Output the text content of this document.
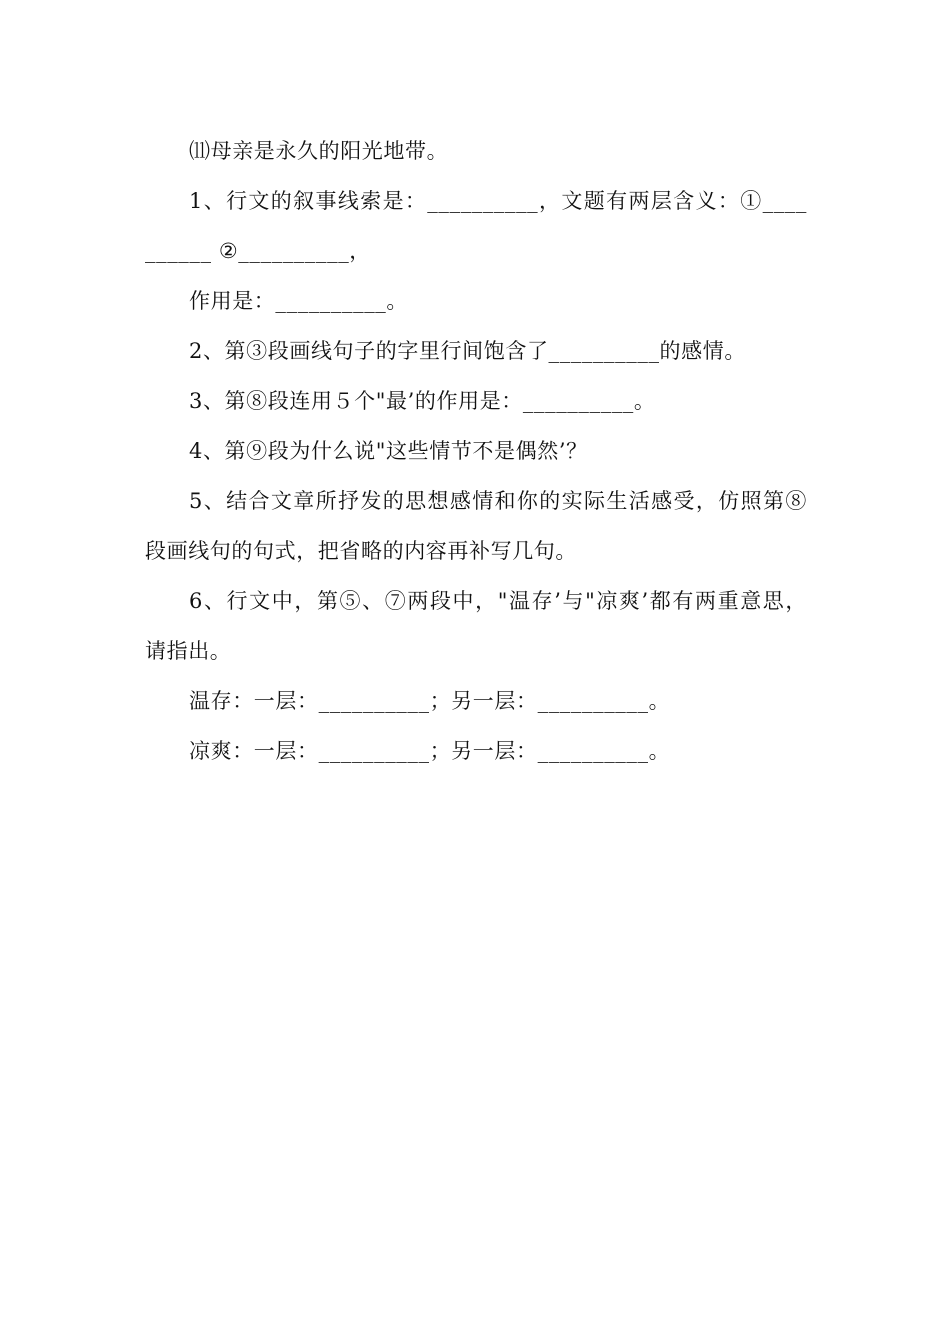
⑾母亲是永久的阳光地带。

1、行文的叙事线索是：__________，文题有两层含义：①____

______ ②__________，

作用是：__________。

2、第③段画线句子的字里行间饱含了__________的感情。

3、第⑧段连用５个"最’的作用是：__________。

4、第⑨段为什么说"这些情节不是偶然’？

5、结合文章所抒发的思想感情和你的实际生活感受，仿照第⑧

段画线句的句式，把省略的内容再补写几句。

6、行文中，第⑤、⑦两段中，"温存’与"凉爽’都有两重意思，

请指出。

温存：一层：__________；另一层：__________。

凉爽：一层：__________；另一层：__________。
